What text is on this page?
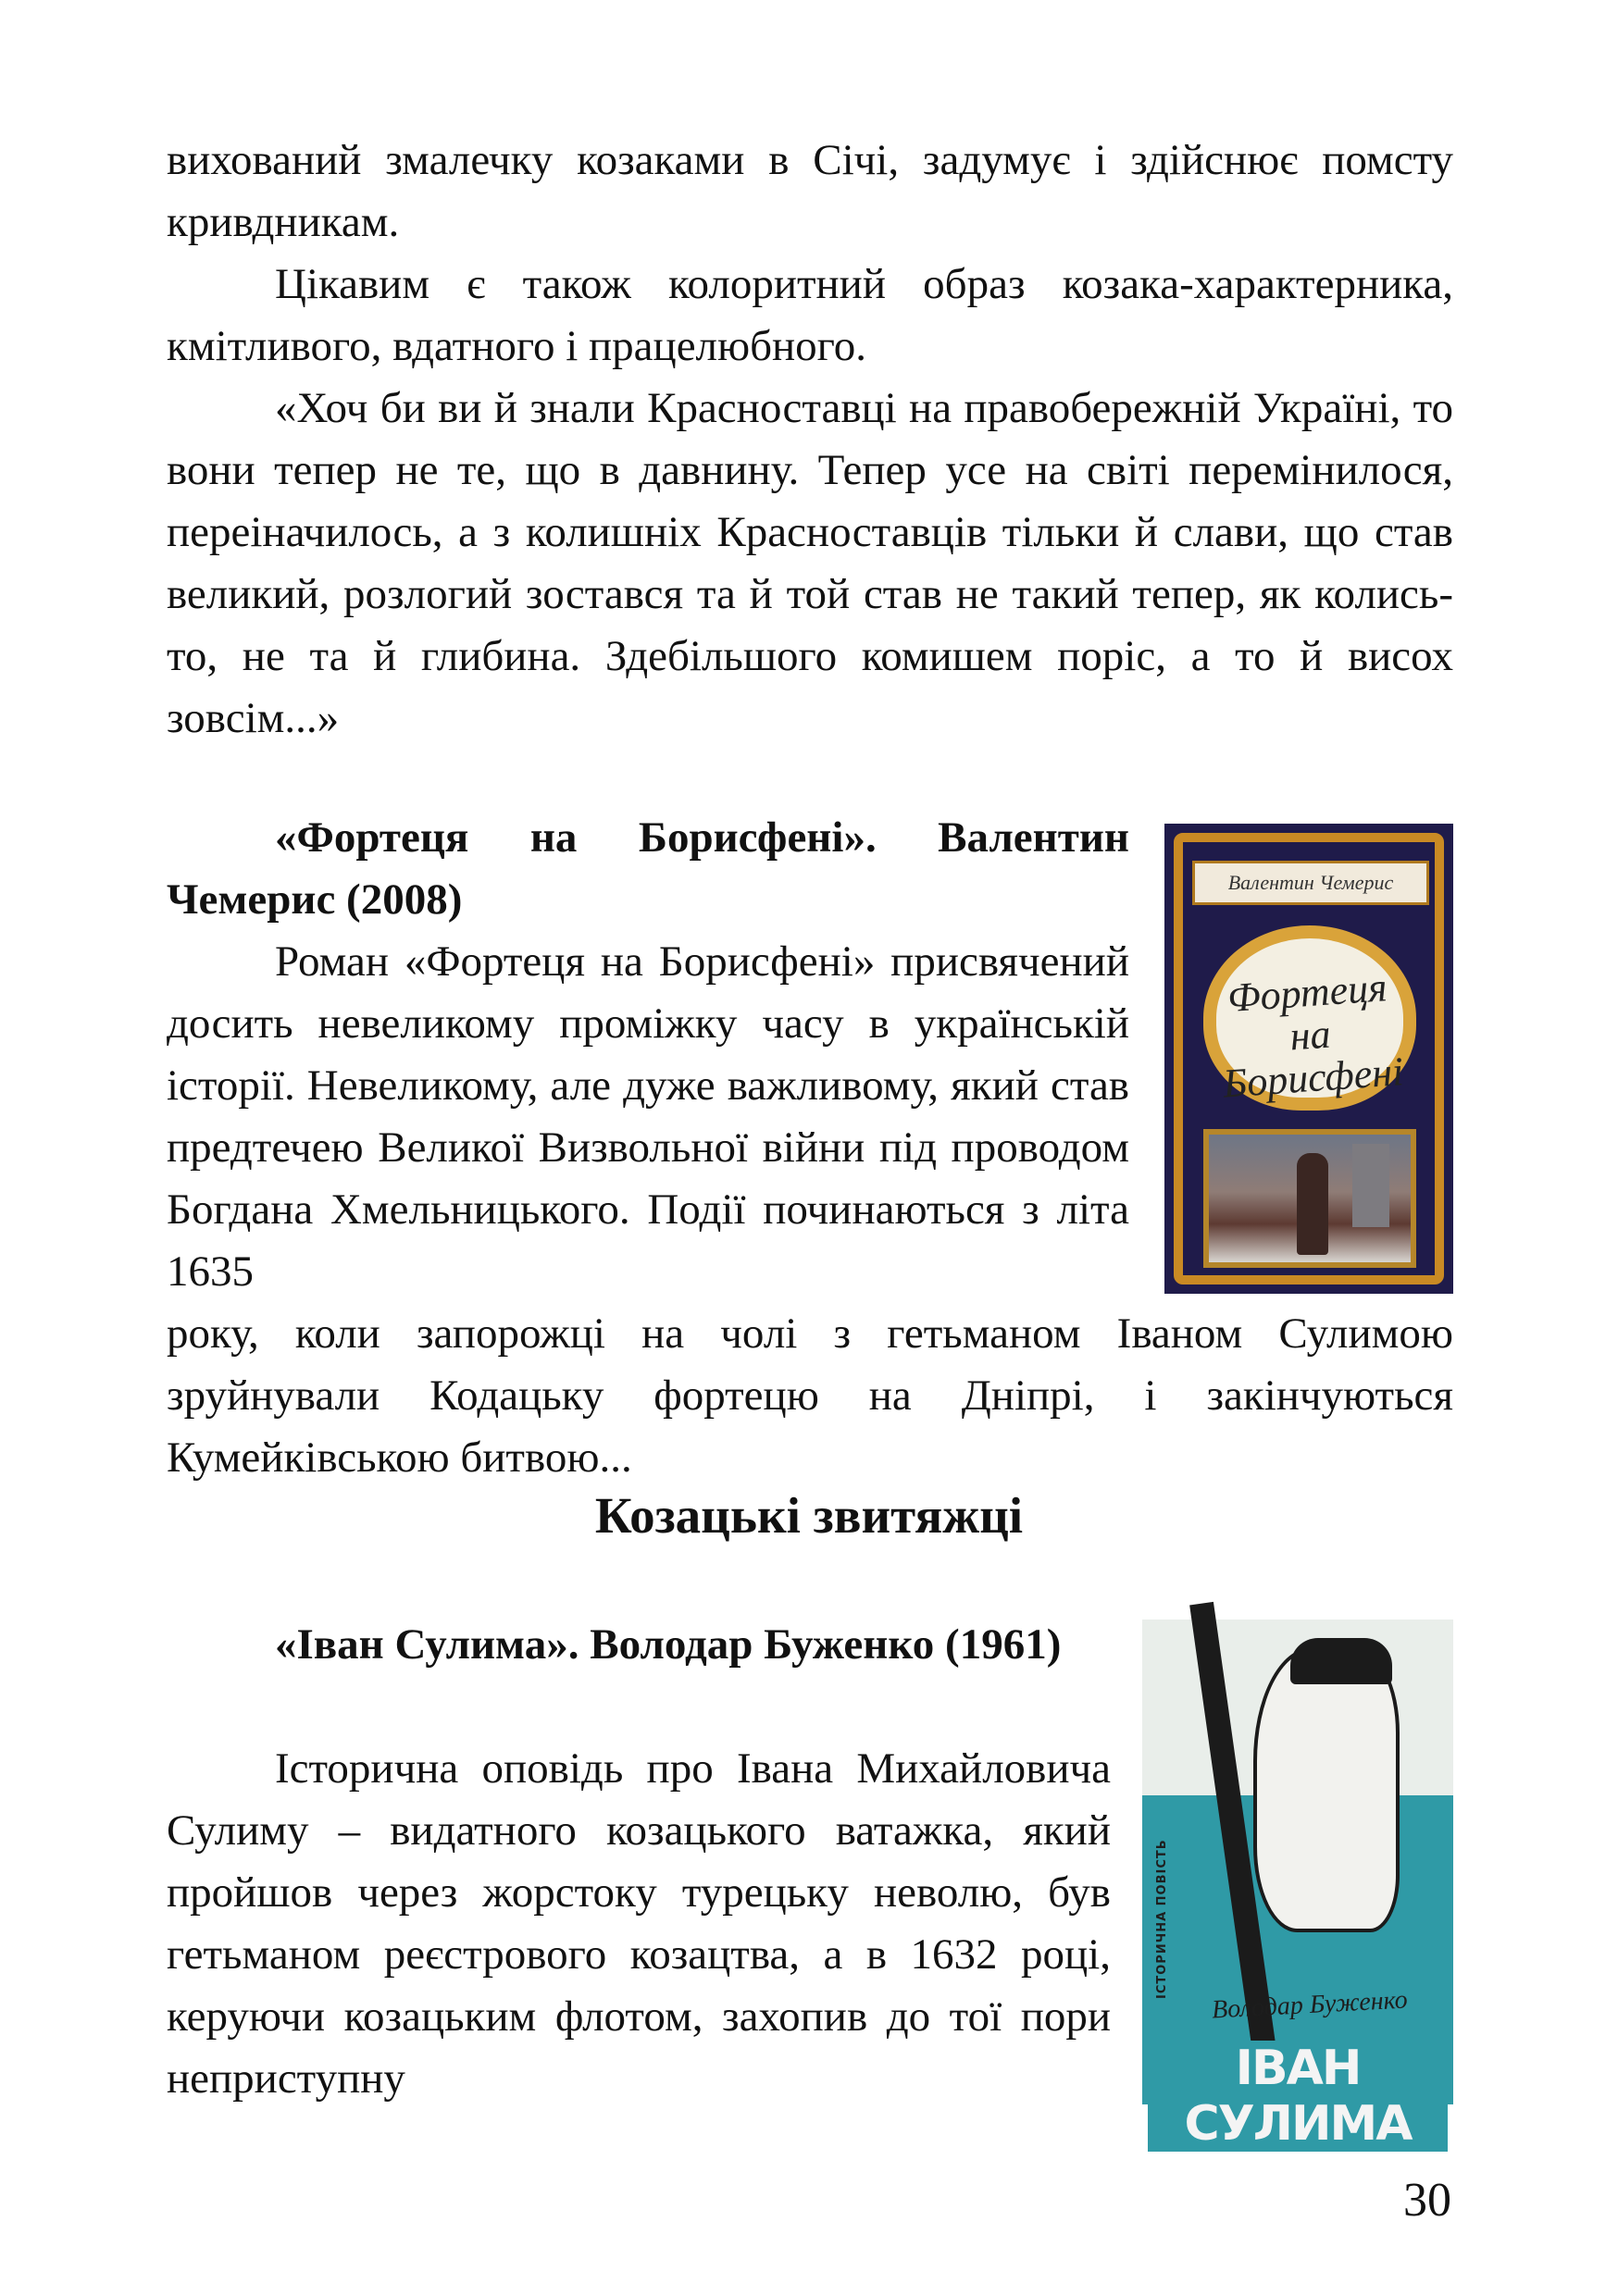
вихований змалечку козаками в Січі, задумує і здійснює помсту кривдникам.

Цікавим є також колоритний образ козака-характерника, кмітливого, вдатного і працелюбного.

«Хоч би ви й знали Красноставці на правобережній Україні, то вони тепер не те, що в давнину. Тепер усе на світі перемінилося, переіначилось, а з колишніх Красноставців тільки й слави, що став великий, розлогий зостався та й той став не такий тепер, як колись-то, не та й глибина. Здебільшого комишем поріс, а то й висох зовсім...»

«Фортеця на Борисфені». Валентин Чемерис (2008)

Роман «Фортеця на Борисфені» присвячений досить невеликому проміжку часу в українській історії. Невеликому, але дуже важливому, який став предтечею Великої Визвольної війни під проводом Богдана Хмельницького. Події починаються з літа 1635

року, коли запорожці на чолі з гетьманом Іваном Сулимою зруйнували Кодацьку фортецю на Дніпрі, і закінчуються Кумейківською битвою...

Валентин Чемерис
Фортеця на Борисфені
Козацькі звитяжці

«Іван Сулима». Володар Буженко (1961)

Історична оповідь про Івана Михайловича Сулиму – видатного козацького ватажка, який пройшов через жорстоку турецьку неволю, був гетьманом реєстрового козацтва, а в 1632 році, керуючи козацьким флотом, захопив до тої пори неприступну

ІСТОРИЧНА ПОВІСТЬ
Володар Буженко
ІВАН СУЛИМА
30
